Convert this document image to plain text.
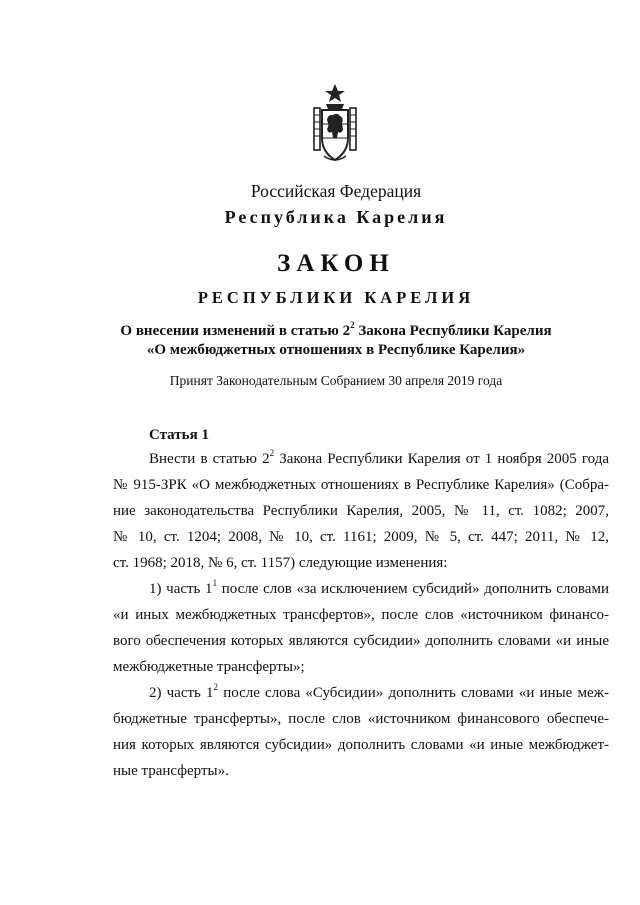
Российская Федерация

Республика Карелия

ЗАКОН

РЕСПУБЛИКИ КАРЕЛИЯ

О внесении изменений в статью $2^2$ Закона Республики Карелия

«О межбюджетных отношениях в Республике Карелия»

Принят Законодательным Собранием 30 апреля 2019 года

Статья 1

Внести в статью $2^2$ Закона Республики Карелия от 1 ноября 2005 года

№ 915-ЗРК «О межбюджетных отношениях в Республике Карелия» (Собра-

ние законодательства Республики Карелия, 2005, № 11, ст. 1082; 2007,

№ 10, ст. 1204; 2008, № 10, ст. 1161; 2009, № 5, ст. 447; 2011, № 12,

ст. 1968; 2018, № 6, ст. 1157) следующие изменения:

1) часть $1^1$ после слов «за исключением субсидий» дополнить словами

«и иных межбюджетных трансфертов», после слов «источником финансо-

вого обеспечения которых являются субсидии» дополнить словами «и иные

межбюджетные трансферты»;

2) часть $1^2$ после слова «Субсидии» дополнить словами «и иные меж-

бюджетные трансферты», после слов «источником финансового обеспече-

ния которых являются субсидии» дополнить словами «и иные межбюджет-

ные трансферты».
